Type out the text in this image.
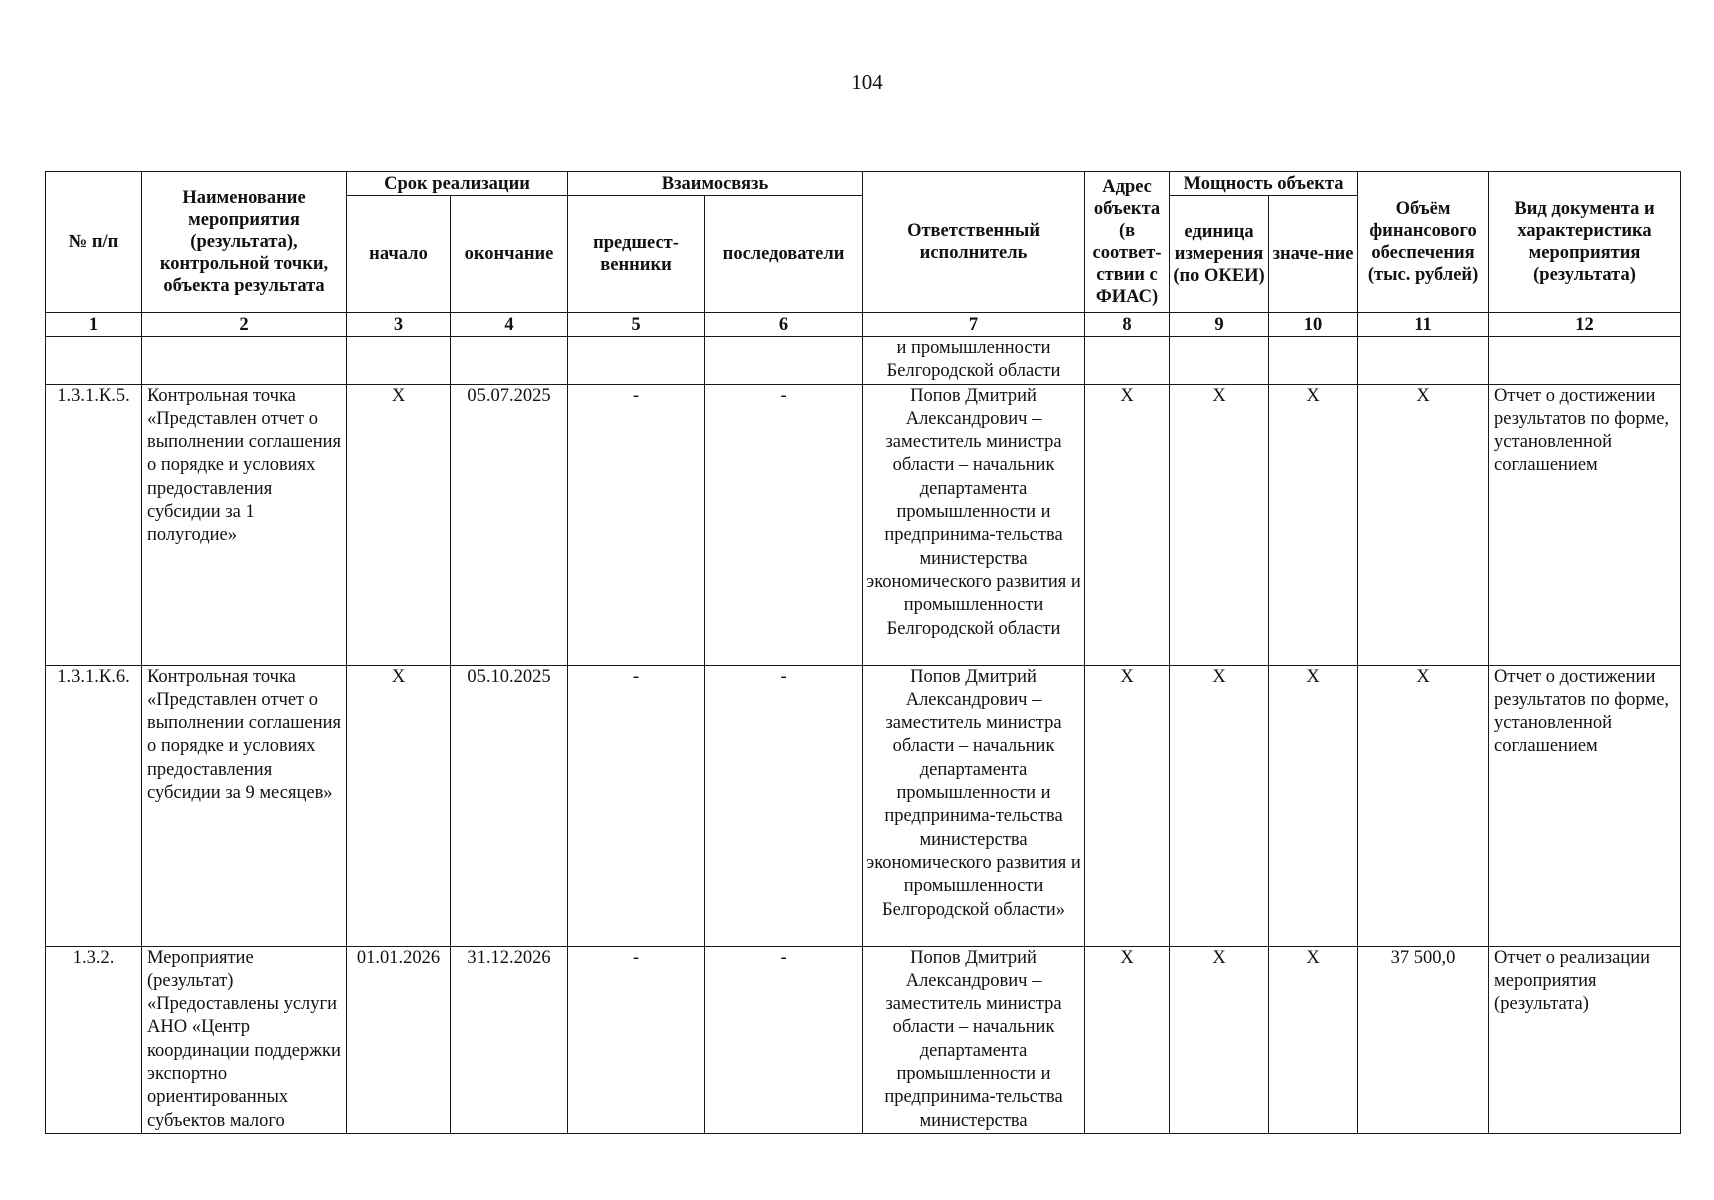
104
№ п/п	Наименование мероприятия (результата), контрольной точки, объекта результата	Срок реализации		Взаимосвязь		Ответственный исполнитель	Адрес объекта (в соответ-ствии с ФИАС)	Мощность объекта		Объём финансового обеспечения (тыс. рублей)	Вид документа и характеристика мероприятия (результата)
		начало	окончание	предшест-венники	последователи			единица измерения (по ОКЕИ)	значе-ние		
1	2	3	4	5	6	7	8	9	10	11	12
						и промышленности Белгородской области					
1.3.1.К.5.	Контрольная точка «Представлен отчет о выполнении соглашения о порядке и условиях предоставления субсидии за 1 полугодие»	X	05.07.2025	-	-	Попов Дмитрий Александрович – заместитель министра области – начальник департамента промышленности и предпринима-тельства министерства экономического развития и промышленности Белгородской области	X	X	X	X	Отчет о достижении результатов по форме, установленной соглашением
1.3.1.К.6.	Контрольная точка «Представлен отчет о выполнении соглашения о порядке и условиях предоставления субсидии за 9 месяцев»	X	05.10.2025	-	-	Попов Дмитрий Александрович – заместитель министра области – начальник департамента промышленности и предпринима-тельства министерства экономического развития и промышленности Белгородской области»	X	X	X	X	Отчет о достижении результатов по форме, установленной соглашением
1.3.2.	Мероприятие (результат) «Предоставлены услуги АНО «Центр координации поддержки экспортно ориентированных субъектов малого	01.01.2026	31.12.2026	-	-	Попов Дмитрий Александрович – заместитель министра области – начальник департамента промышленности и предпринима-тельства министерства	X	X	X	37 500,0	Отчет о реализации мероприятия (результата)
